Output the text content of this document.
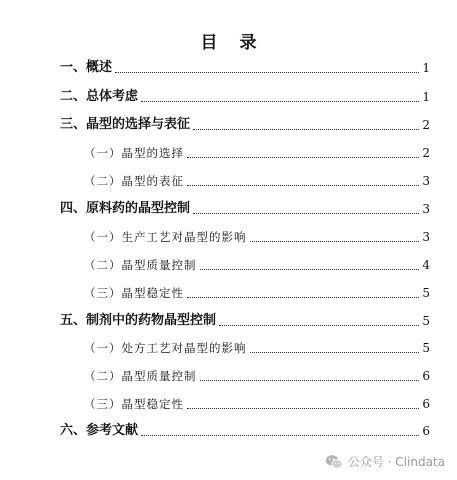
目 录
一、概述	1
二、总体考虑	1
三、晶型的选择与表征	2
（一）晶型的选择	2
（二）晶型的表征	3
四、原料药的晶型控制	3
（一）生产工艺对晶型的影响	3
（二）晶型质量控制	4
（三）晶型稳定性	5
五、制剂中的药物晶型控制	5
（一）处方工艺对晶型的影响	5
（二）晶型质量控制	6
（三）晶型稳定性	6
六、参考文献	6
公众号 · Clindata
